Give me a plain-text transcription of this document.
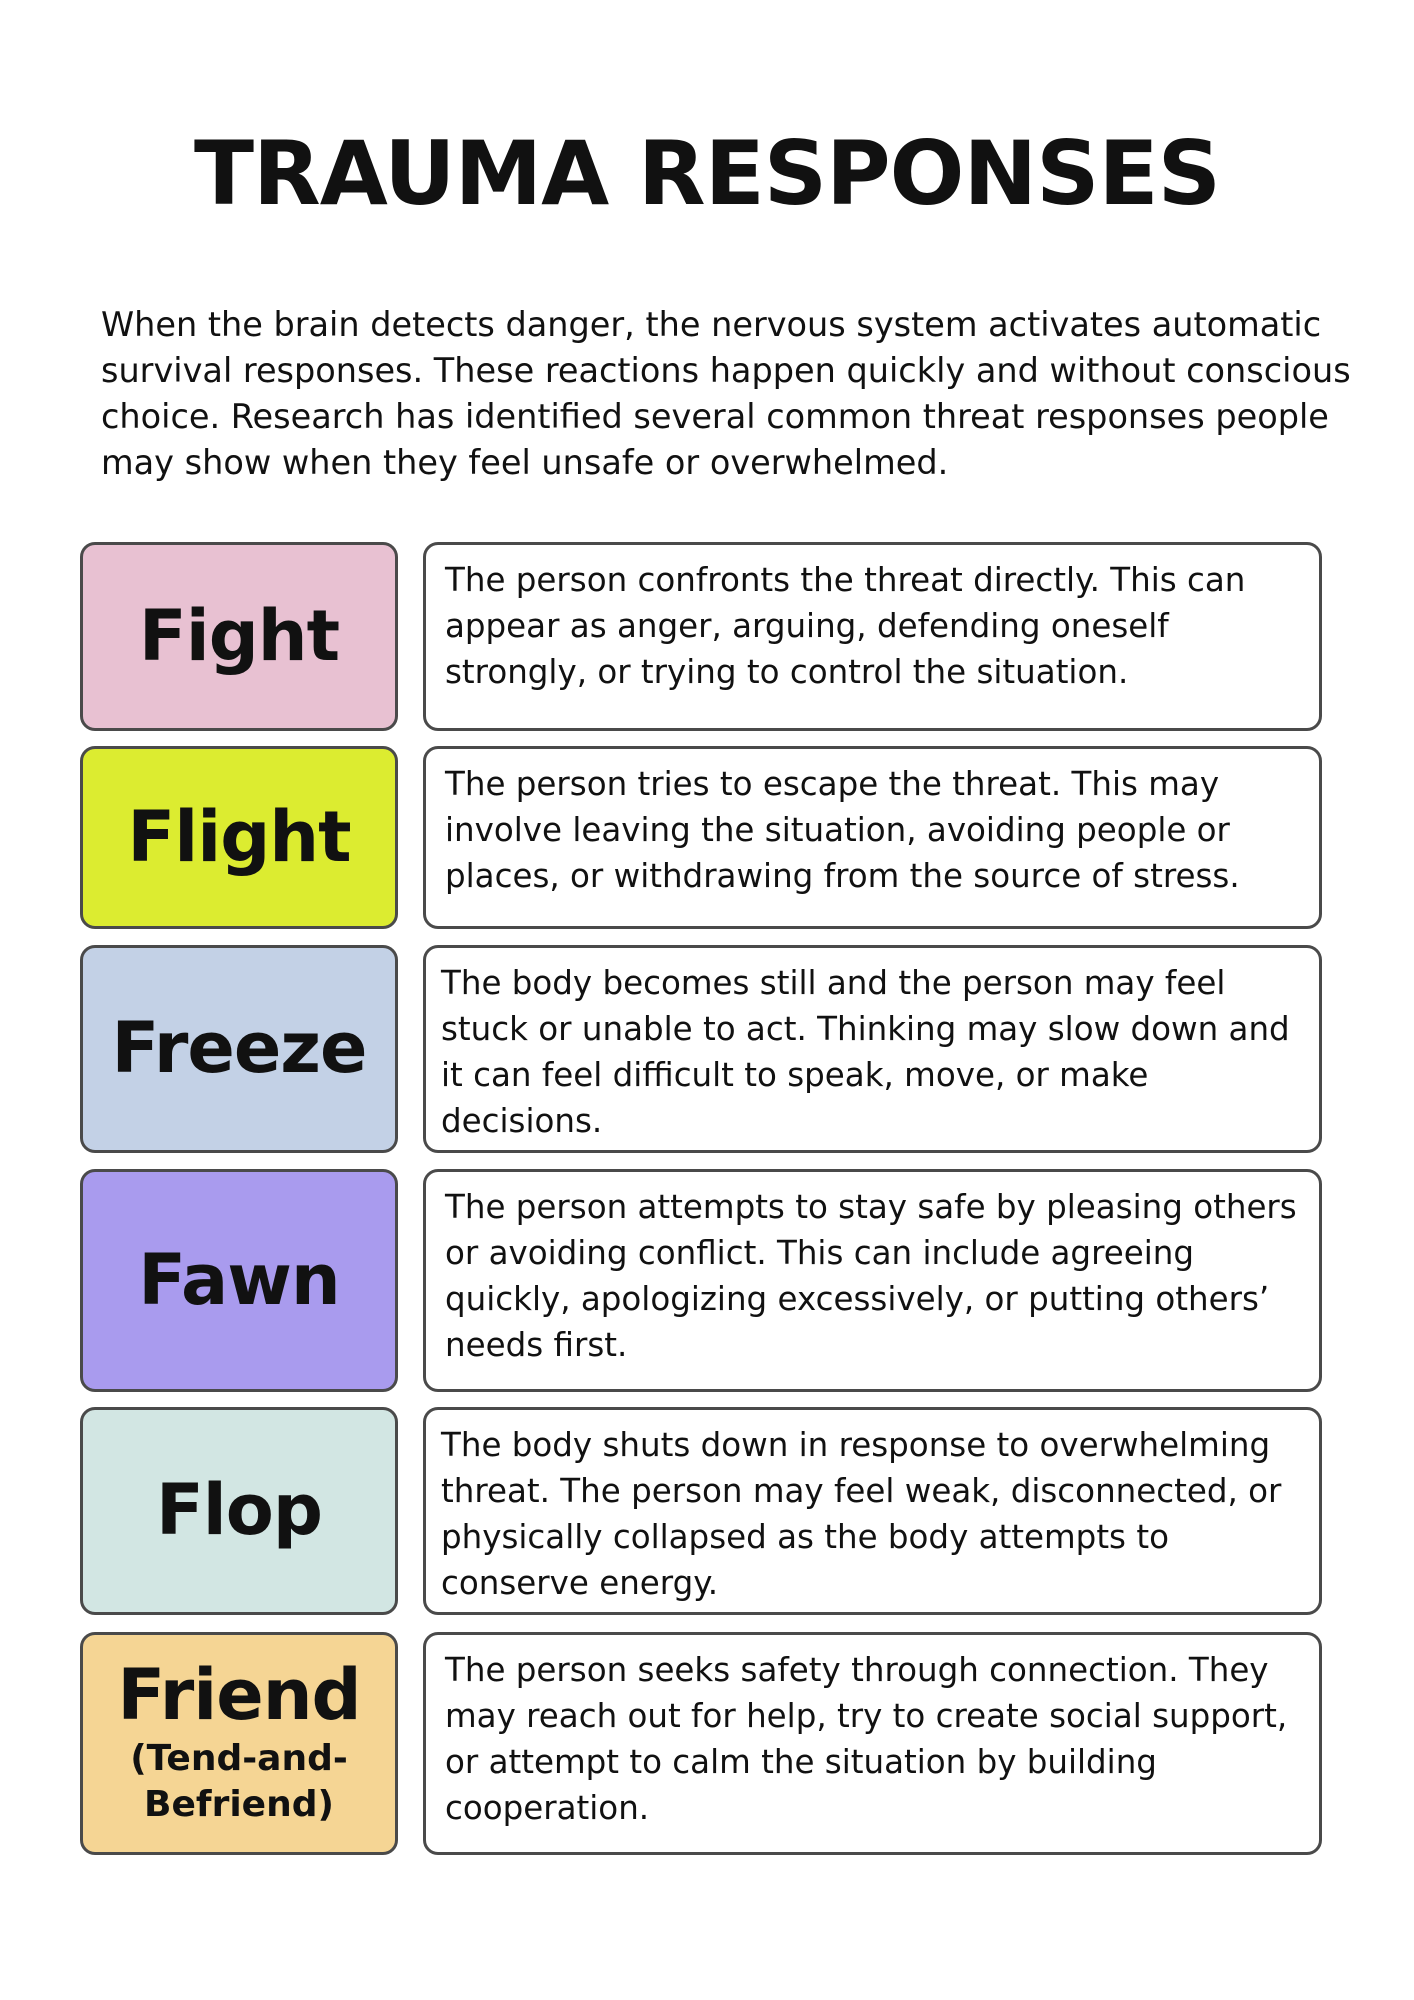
TRAUMA RESPONSES

When the brain detects danger, the nervous system activates automatic survival responses. These reactions happen quickly and without conscious choice. Research has identified several common threat responses people may show when they feel unsafe or overwhelmed.

Fight

The person confronts the threat directly. This can appear as anger, arguing, defending oneself strongly, or trying to control the situation.

Flight

The person tries to escape the threat. This may involve leaving the situation, avoiding people or places, or withdrawing from the source of stress.

Freeze

The body becomes still and the person may feel stuck or unable to act. Thinking may slow down and it can feel difficult to speak, move, or make decisions.

Fawn

The person attempts to stay safe by pleasing others or avoiding conflict. This can include agreeing quickly, apologizing excessively, or putting others’ needs first.

Flop

The body shuts down in response to overwhelming threat. The person may feel weak, disconnected, or physically collapsed as the body attempts to conserve energy.

Friend
(Tend-and-Befriend)

The person seeks safety through connection. They may reach out for help, try to create social support, or attempt to calm the situation by building cooperation.
